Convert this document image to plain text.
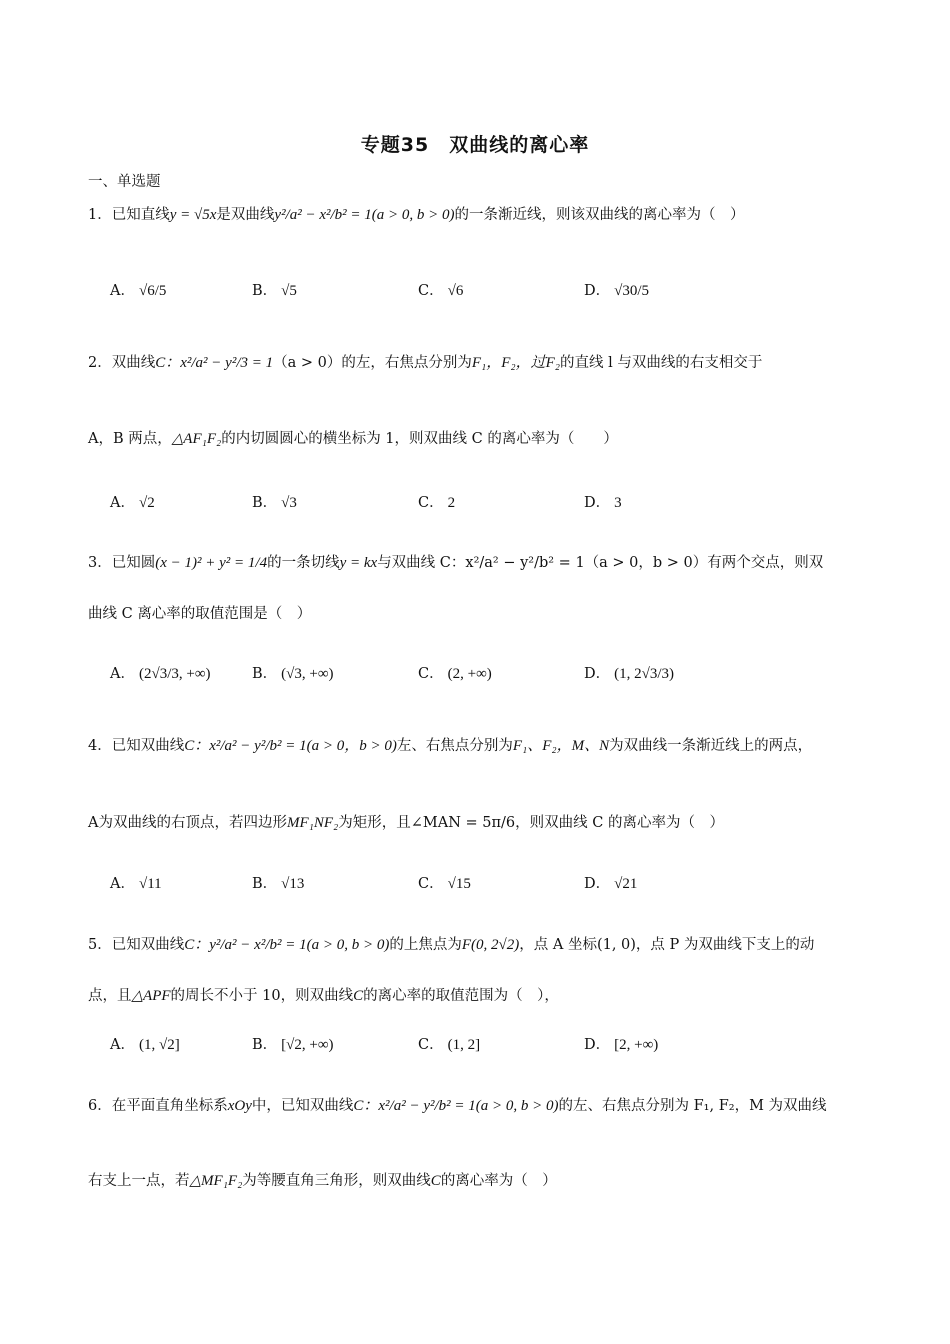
专题35　双曲线的离心率
一、单选题
1．已知直线y = √5x是双曲线y²/a² − x²/b² = 1(a > 0, b > 0)的一条渐近线，则该双曲线的离心率为（　）
A． √6/5	B． √5	C． √6	D． √30/5
2．双曲线C：x²/a² − y²/3 = 1（a > 0）的左，右焦点分别为F₁，F₂，过F₂的直线 l 与双曲线的右支相交于
A，B 两点，△AF₁F₂的内切圆圆心的横坐标为 1，则双曲线 C 的离心率为（　　）
A． √2	B． √3	C． 2	D． 3
3．已知圆(x − 1)² + y² = 1/4的一条切线y = kx与双曲线 C：x²/a² − y²/b² = 1（a > 0，b > 0）有两个交点，则双
曲线 C 离心率的取值范围是（　）
A． (2√3/3, +∞)	B． (√3, +∞)	C． (2, +∞)	D． (1, 2√3/3)
4．已知双曲线C：x²/a² − y²/b² = 1(a > 0，b > 0)左、右焦点分别为F₁、F₂，M、N为双曲线一条渐近线上的两点，
A为双曲线的右顶点，若四边形MF₁NF₂为矩形，且∠MAN = 5π/6，则双曲线 C 的离心率为（　）
A． √11	B． √13	C． √15	D． √21
5．已知双曲线C：y²/a² − x²/b² = 1(a > 0, b > 0)的上焦点为F(0, 2√2)，点 A 坐标(1, 0)，点 P 为双曲线下支上的动
点，且△APF的周长不小于 10，则双曲线C的离心率的取值范围为（　），
A． (1, √2]	B． [√2, +∞)	C． (1, 2]	D． [2, +∞)
6．在平面直角坐标系xOy中，已知双曲线C：x²/a² − y²/b² = 1(a > 0, b > 0)的左、右焦点分别为 F₁, F₂，M 为双曲线
右支上一点，若△MF₁F₂为等腰直角三角形，则双曲线C的离心率为（　）
